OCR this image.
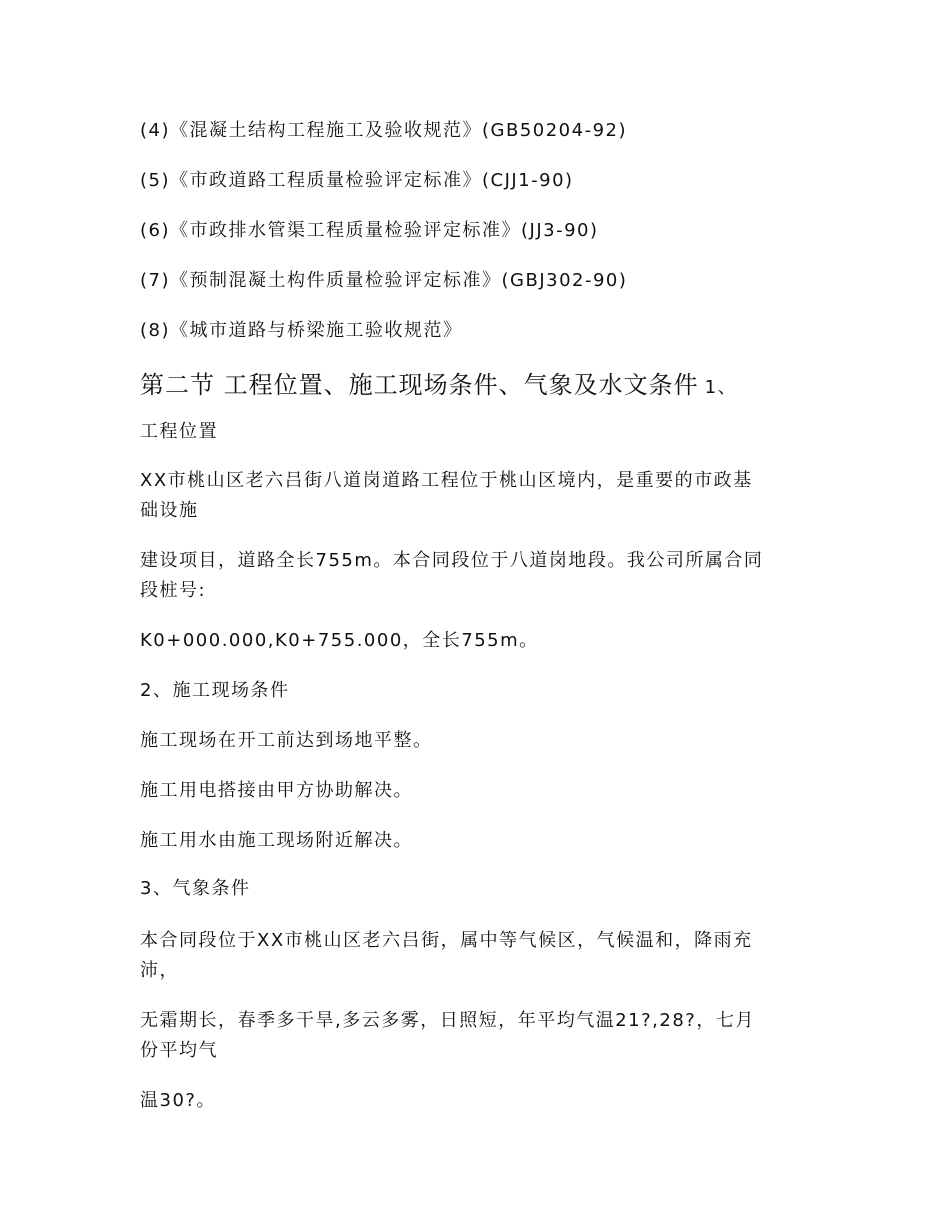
(4)《混凝土结构工程施工及验收规范》(GB50204-92)
(5)《市政道路工程质量检验评定标准》(CJJ1-90)
(6)《市政排水管渠工程质量检验评定标准》(JJ3-90)
(7)《预制混凝土构件质量检验评定标准》(GBJ302-90)
(8)《城市道路与桥梁施工验收规范》
第二节 工程位置、施工现场条件、气象及水文条件 1、
工程位置
XX市桃山区老六吕街八道岗道路工程位于桃山区境内，是重要的市政基
础设施
建设项目，道路全长755m。本合同段位于八道岗地段。我公司所属合同
段桩号:
K0+000.000,K0+755.000，全长755m。
2、施工现场条件
施工现场在开工前达到场地平整。
施工用电搭接由甲方协助解决。
施工用水由施工现场附近解决。
3、气象条件
本合同段位于XX市桃山区老六吕街，属中等气候区，气候温和，降雨充
沛，
无霜期长，春季多干旱,多云多雾，日照短，年平均气温21?,28?，七月
份平均气
温30?。
